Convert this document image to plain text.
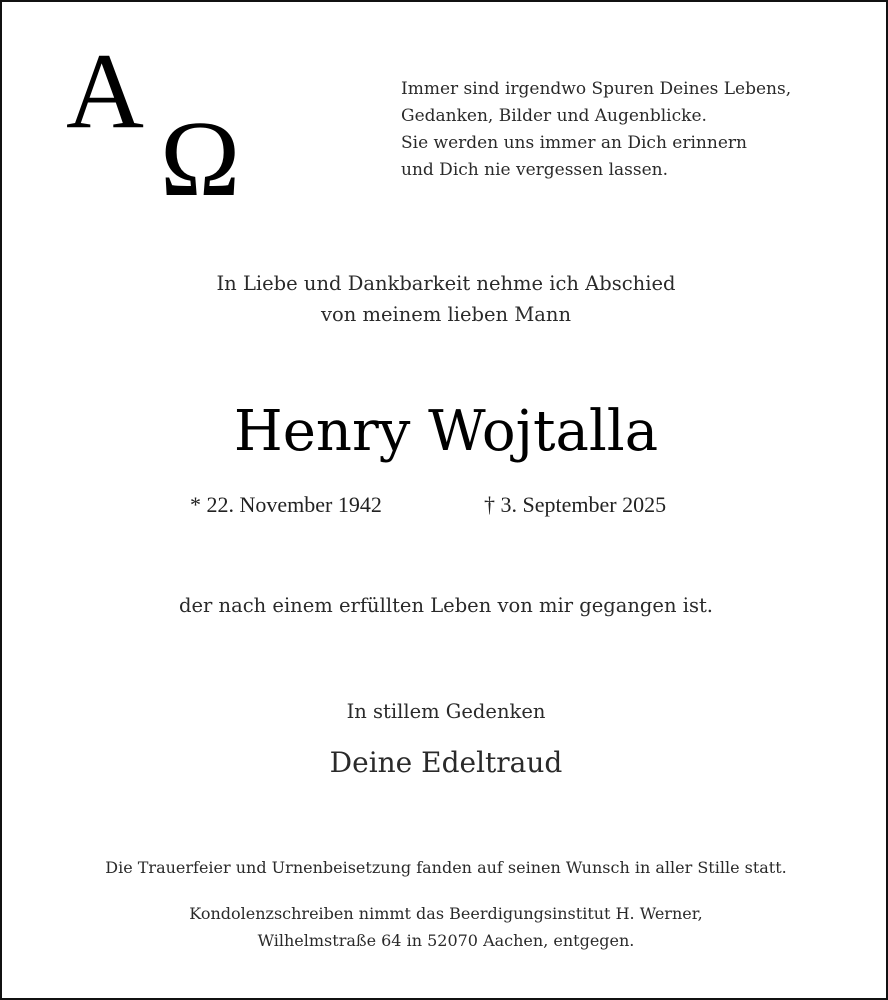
Α
Ω
Immer sind irgendwo Spuren Deines Lebens,
Gedanken, Bilder und Augenblicke.
Sie werden uns immer an Dich erinnern
und Dich nie vergessen lassen.
In Liebe und Dankbarkeit nehme ich Abschied
von meinem lieben Mann
Henry Wojtalla
* 22. November 1942	† 3. September 2025
der nach einem erfüllten Leben von mir gegangen ist.
In stillem Gedenken
Deine Edeltraud
Die Trauerfeier und Urnenbeisetzung fanden auf seinen Wunsch in aller Stille statt.
Kondolenzschreiben nimmt das Beerdigungsinstitut H. Werner,
Wilhelmstraße 64 in 52070 Aachen, entgegen.
